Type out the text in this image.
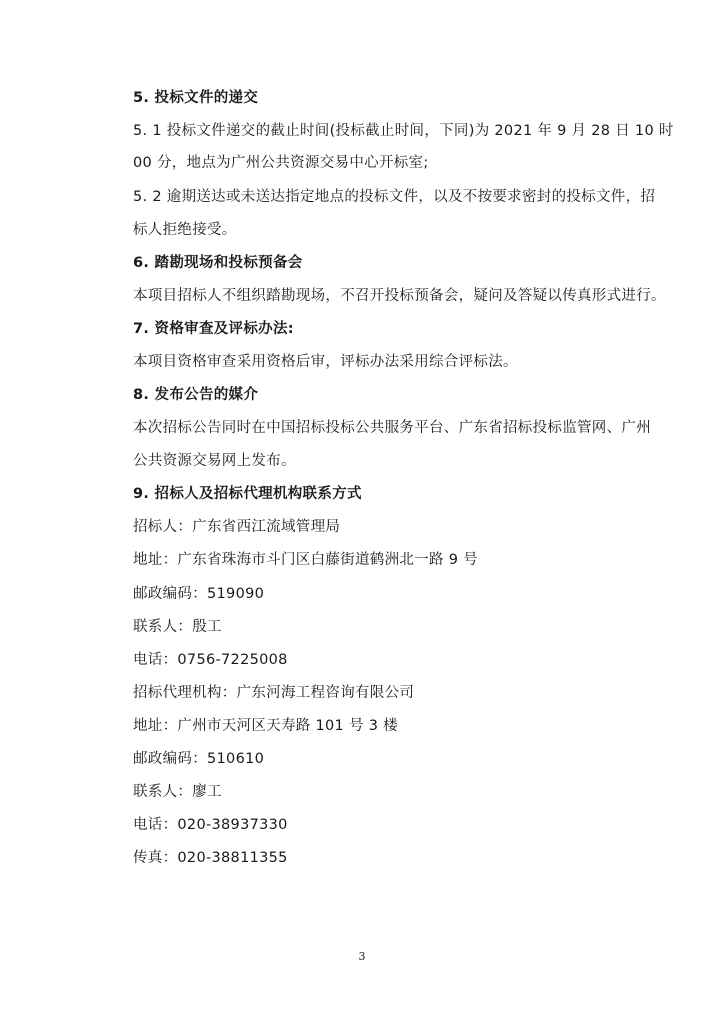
5. 投标文件的递交
5. 1 投标文件递交的截止时间(投标截止时间，下同)为 2021 年 9 月 28 日 10 时
00 分，地点为广州公共资源交易中心开标室;
5. 2 逾期送达或未送达指定地点的投标文件，以及不按要求密封的投标文件，招
标人拒绝接受。
6. 踏勘现场和投标预备会
本项目招标人不组织踏勘现场，不召开投标预备会，疑问及答疑以传真形式进行。
7. 资格审查及评标办法:
本项目资格审查采用资格后审，评标办法采用综合评标法。
8. 发布公告的媒介
本次招标公告同时在中国招标投标公共服务平台、广东省招标投标监管网、广州
公共资源交易网上发布。
9. 招标人及招标代理机构联系方式
招标人：广东省西江流域管理局
地址：广东省珠海市斗门区白藤街道鹤洲北一路 9 号
邮政编码：519090
联系人：殷工
电话：0756-7225008
招标代理机构：广东河海工程咨询有限公司
地址：广州市天河区天寿路 101 号 3 楼
邮政编码：510610
联系人：廖工
电话：020-38937330
传真：020-38811355
3
